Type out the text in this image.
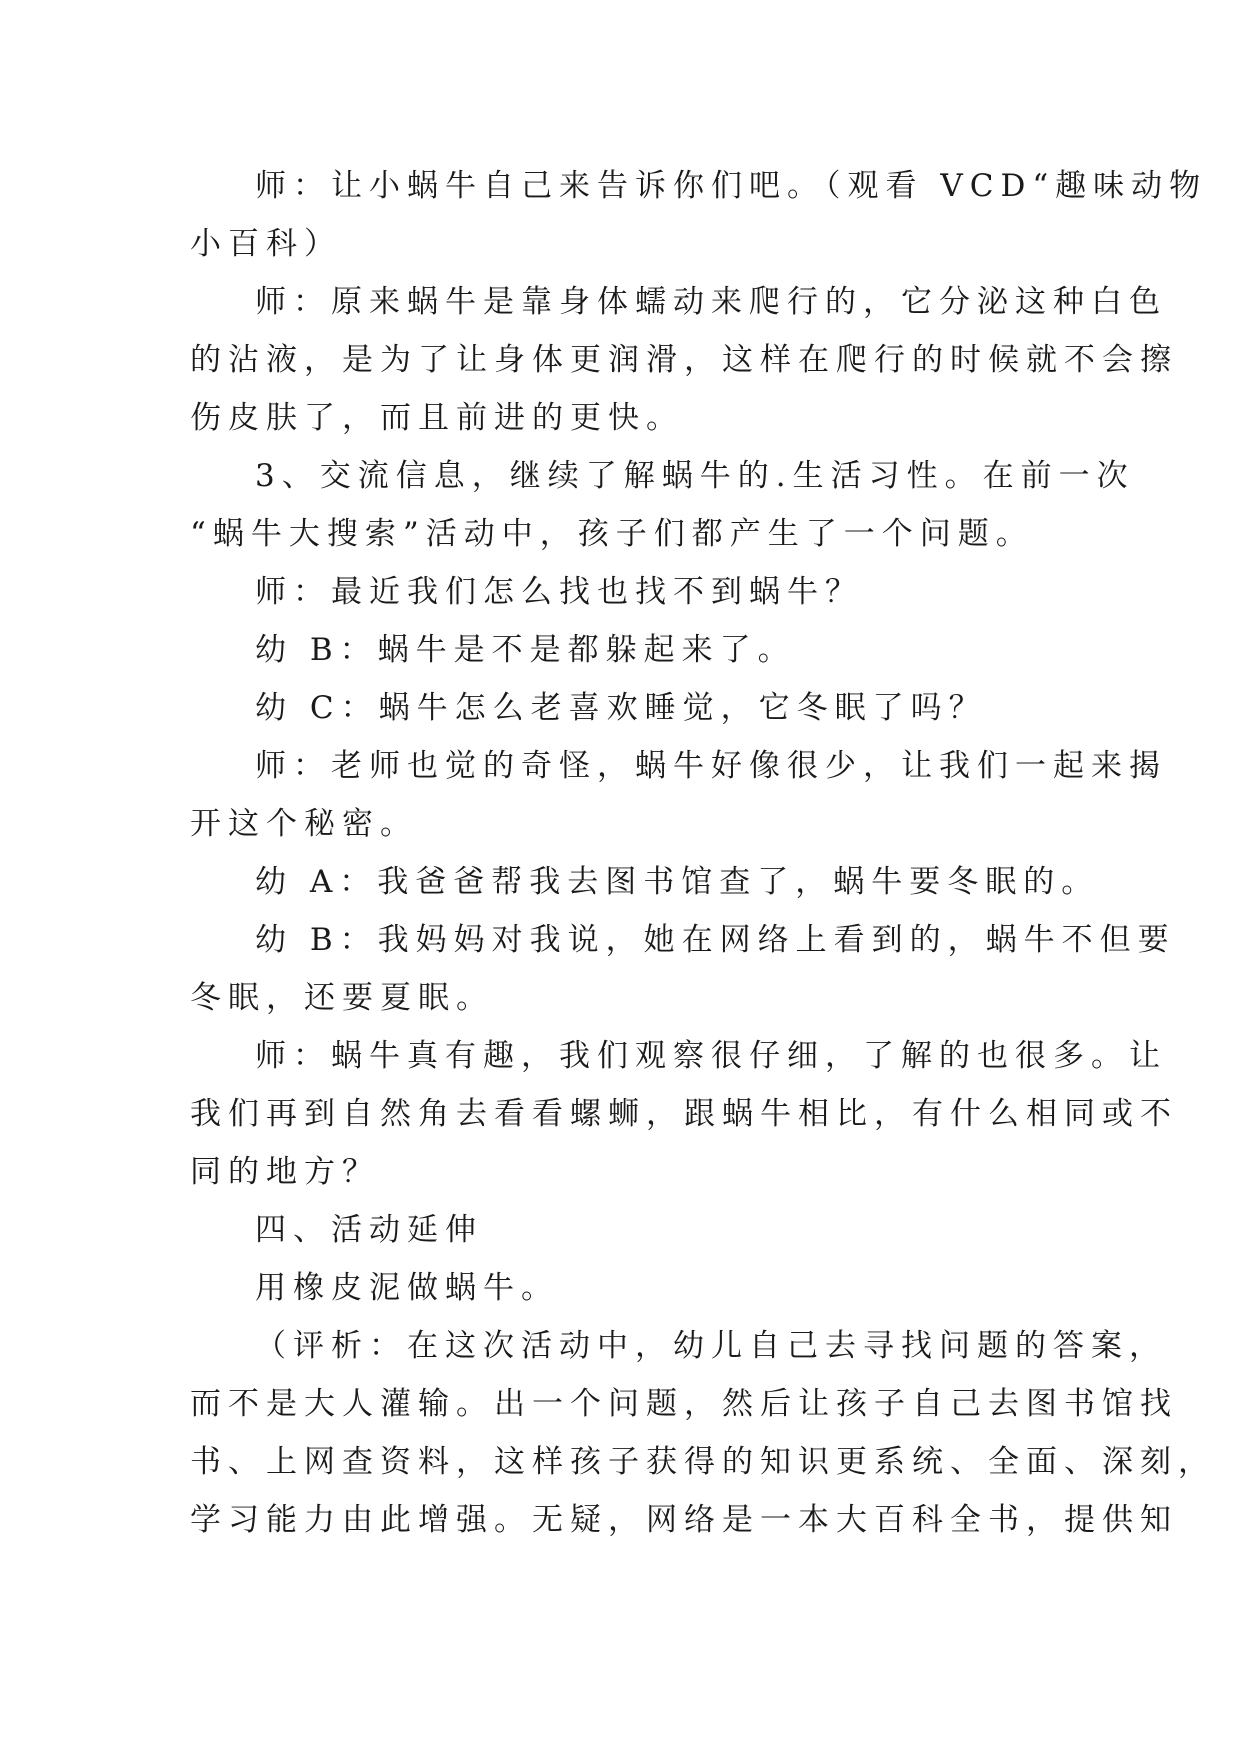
师：让小蜗牛自己来告诉你们吧。（观看 VCD“趣味动物
小百科）
师：原来蜗牛是靠身体蠕动来爬行的，它分泌这种白色
的沾液，是为了让身体更润滑，这样在爬行的时候就不会擦
伤皮肤了，而且前进的更快。
3、交流信息，继续了解蜗牛的.生活习性。在前一次
“蜗牛大搜索”活动中，孩子们都产生了一个问题。
师：最近我们怎么找也找不到蜗牛？
幼 B：蜗牛是不是都躲起来了。
幼 C：蜗牛怎么老喜欢睡觉，它冬眠了吗？
师：老师也觉的奇怪，蜗牛好像很少，让我们一起来揭
开这个秘密。
幼 A：我爸爸帮我去图书馆查了，蜗牛要冬眠的。
幼 B：我妈妈对我说，她在网络上看到的，蜗牛不但要
冬眠，还要夏眠。
师：蜗牛真有趣，我们观察很仔细，了解的也很多。让
我们再到自然角去看看螺蛳，跟蜗牛相比，有什么相同或不
同的地方？
四、活动延伸
用橡皮泥做蜗牛。
（评析：在这次活动中，幼儿自己去寻找问题的答案，
而不是大人灌输。出一个问题，然后让孩子自己去图书馆找
书、上网查资料，这样孩子获得的知识更系统、全面、深刻，
学习能力由此增强。无疑，网络是一本大百科全书，提供知
